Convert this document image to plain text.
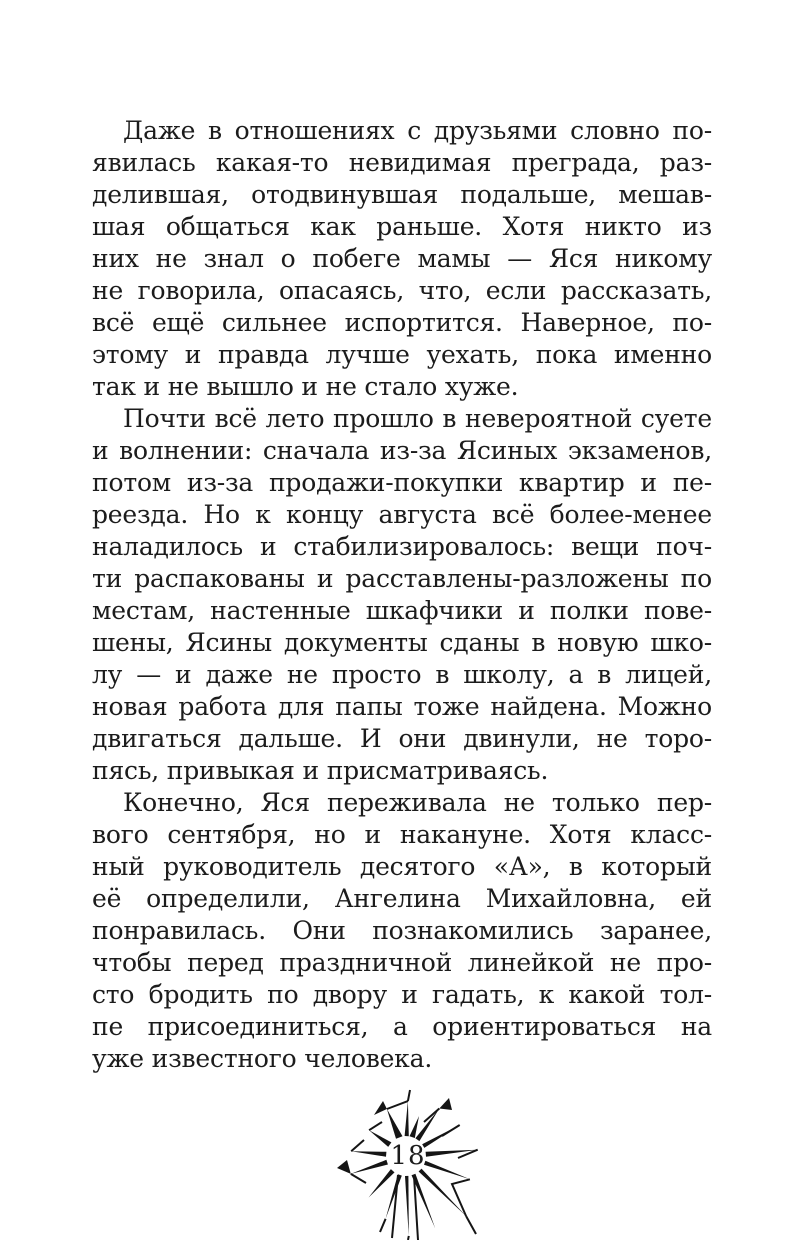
Даже в отношениях с друзьями словно по-
явилась какая-то невидимая преграда, раз-
делившая, отодвинувшая подальше, мешав-
шая общаться как раньше. Хотя никто из
них не знал о побеге мамы — Яся никому
не говорила, опасаясь, что, если рассказать,
всё ещё сильнее испортится. Наверное, по-
этому и правда лучше уехать, пока именно
так и не вышло и не стало хуже.
Почти всё лето прошло в невероятной суете
и волнении: сначала из-за Ясиных экзаменов,
потом из-за продажи-покупки квартир и пе-
реезда. Но к концу августа всё более-менее
наладилось и стабилизировалось: вещи поч-
ти распакованы и расставлены-разложены по
местам, настенные шкафчики и полки пове-
шены, Ясины документы сданы в новую шко-
лу — и даже не просто в школу, а в лицей,
новая работа для папы тоже найдена. Можно
двигаться дальше. И они двинули, не торо-
пясь, привыкая и присматриваясь.
Конечно, Яся переживала не только пер-
вого сентября, но и накануне. Хотя класс-
ный руководитель десятого «А», в который
её определили, Ангелина Михайловна, ей
понравилась. Они познакомились заранее,
чтобы перед праздничной линейкой не про-
сто бродить по двору и гадать, к какой тол-
пе присоединиться, а ориентироваться на
уже известного человека.
18
